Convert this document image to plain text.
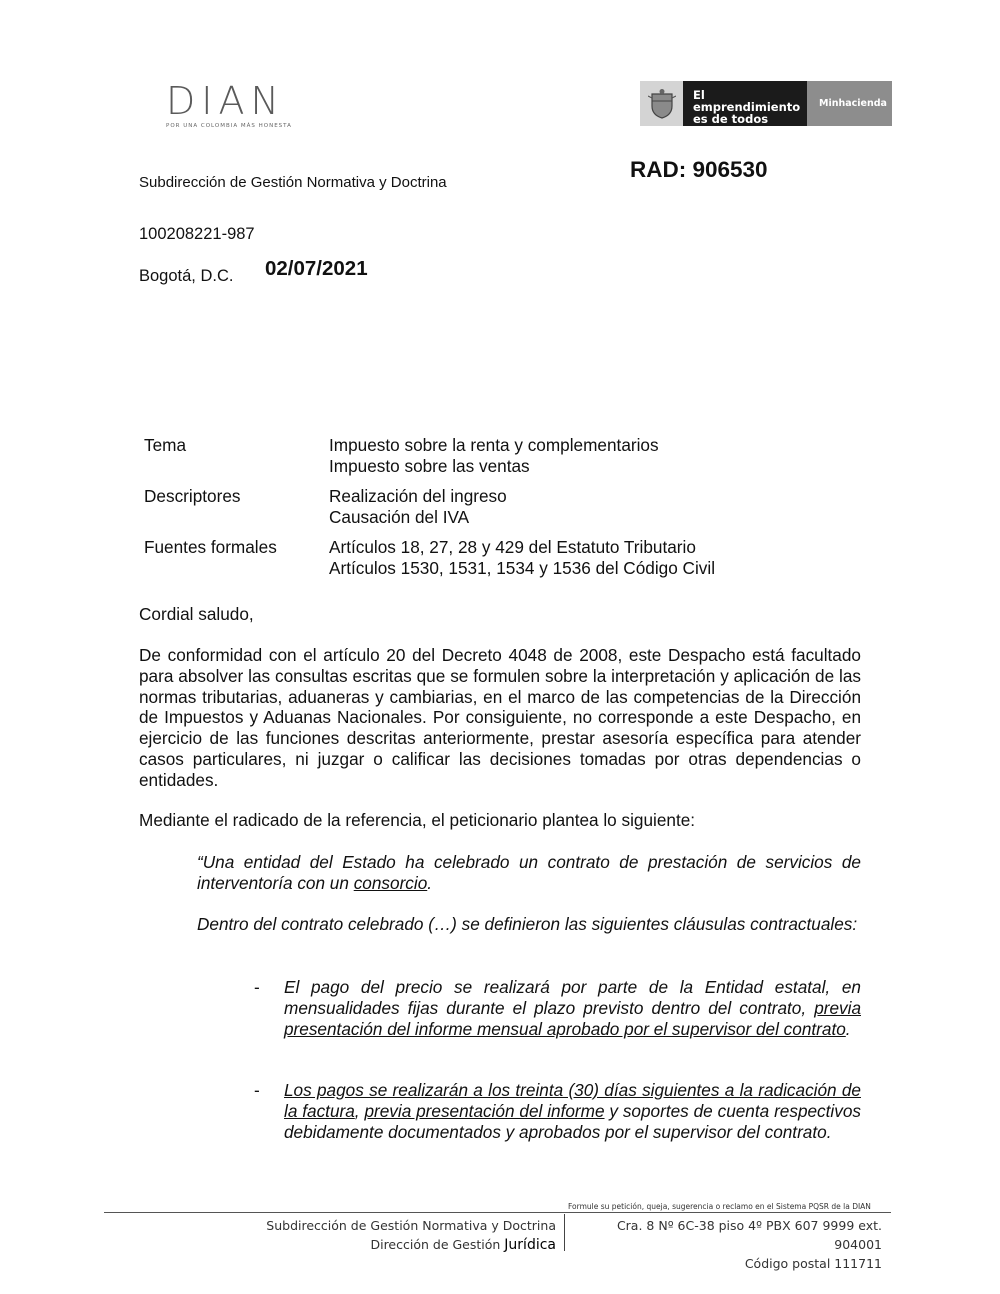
DIAN
POR UNA COLOMBIA MÁS HONESTA
El emprendimiento
es de todos
Minhacienda
Subdirección de Gestión Normativa y Doctrina
RAD: 906530
100208221-987
Bogotá, D.C. 02/07/2021
Tema	Impuesto sobre la renta y complementarios
Impuesto sobre las ventas
Descriptores	Realización del ingreso
Causación del IVA
Fuentes formales	Artículos 18, 27, 28 y 429 del Estatuto Tributario
Artículos 1530, 1531, 1534 y 1536 del Código Civil
Cordial saludo,
De conformidad con el artículo 20 del Decreto 4048 de 2008, este Despacho está facultado para absolver las consultas escritas que se formulen sobre la interpretación y aplicación de las normas tributarias, aduaneras y cambiarias, en el marco de las competencias de la Dirección de Impuestos y Aduanas Nacionales. Por consiguiente, no corresponde a este Despacho, en ejercicio de las funciones descritas anteriormente, prestar asesoría específica para atender casos particulares, ni juzgar o calificar las decisiones tomadas por otras dependencias o entidades.
Mediante el radicado de la referencia, el peticionario plantea lo siguiente:
“Una entidad del Estado ha celebrado un contrato de prestación de servicios de interventoría con un consorcio.
Dentro del contrato celebrado (…) se definieron las siguientes cláusulas contractuales:
- El pago del precio se realizará por parte de la Entidad estatal, en mensualidades fijas durante el plazo previsto dentro del contrato, previa presentación del informe mensual aprobado por el supervisor del contrato.
- Los pagos se realizarán a los treinta (30) días siguientes a la radicación de la factura, previa presentación del informe y soportes de cuenta respectivos debidamente documentados y aprobados por el supervisor del contrato.
Formule su petición, queja, sugerencia o reclamo en el Sistema PQSR de la DIAN
Subdirección de Gestión Normativa y Doctrina
Dirección de Gestión Jurídica
Cra. 8 Nº 6C-38 piso 4º PBX 607 9999 ext. 904001
Código postal 111711
